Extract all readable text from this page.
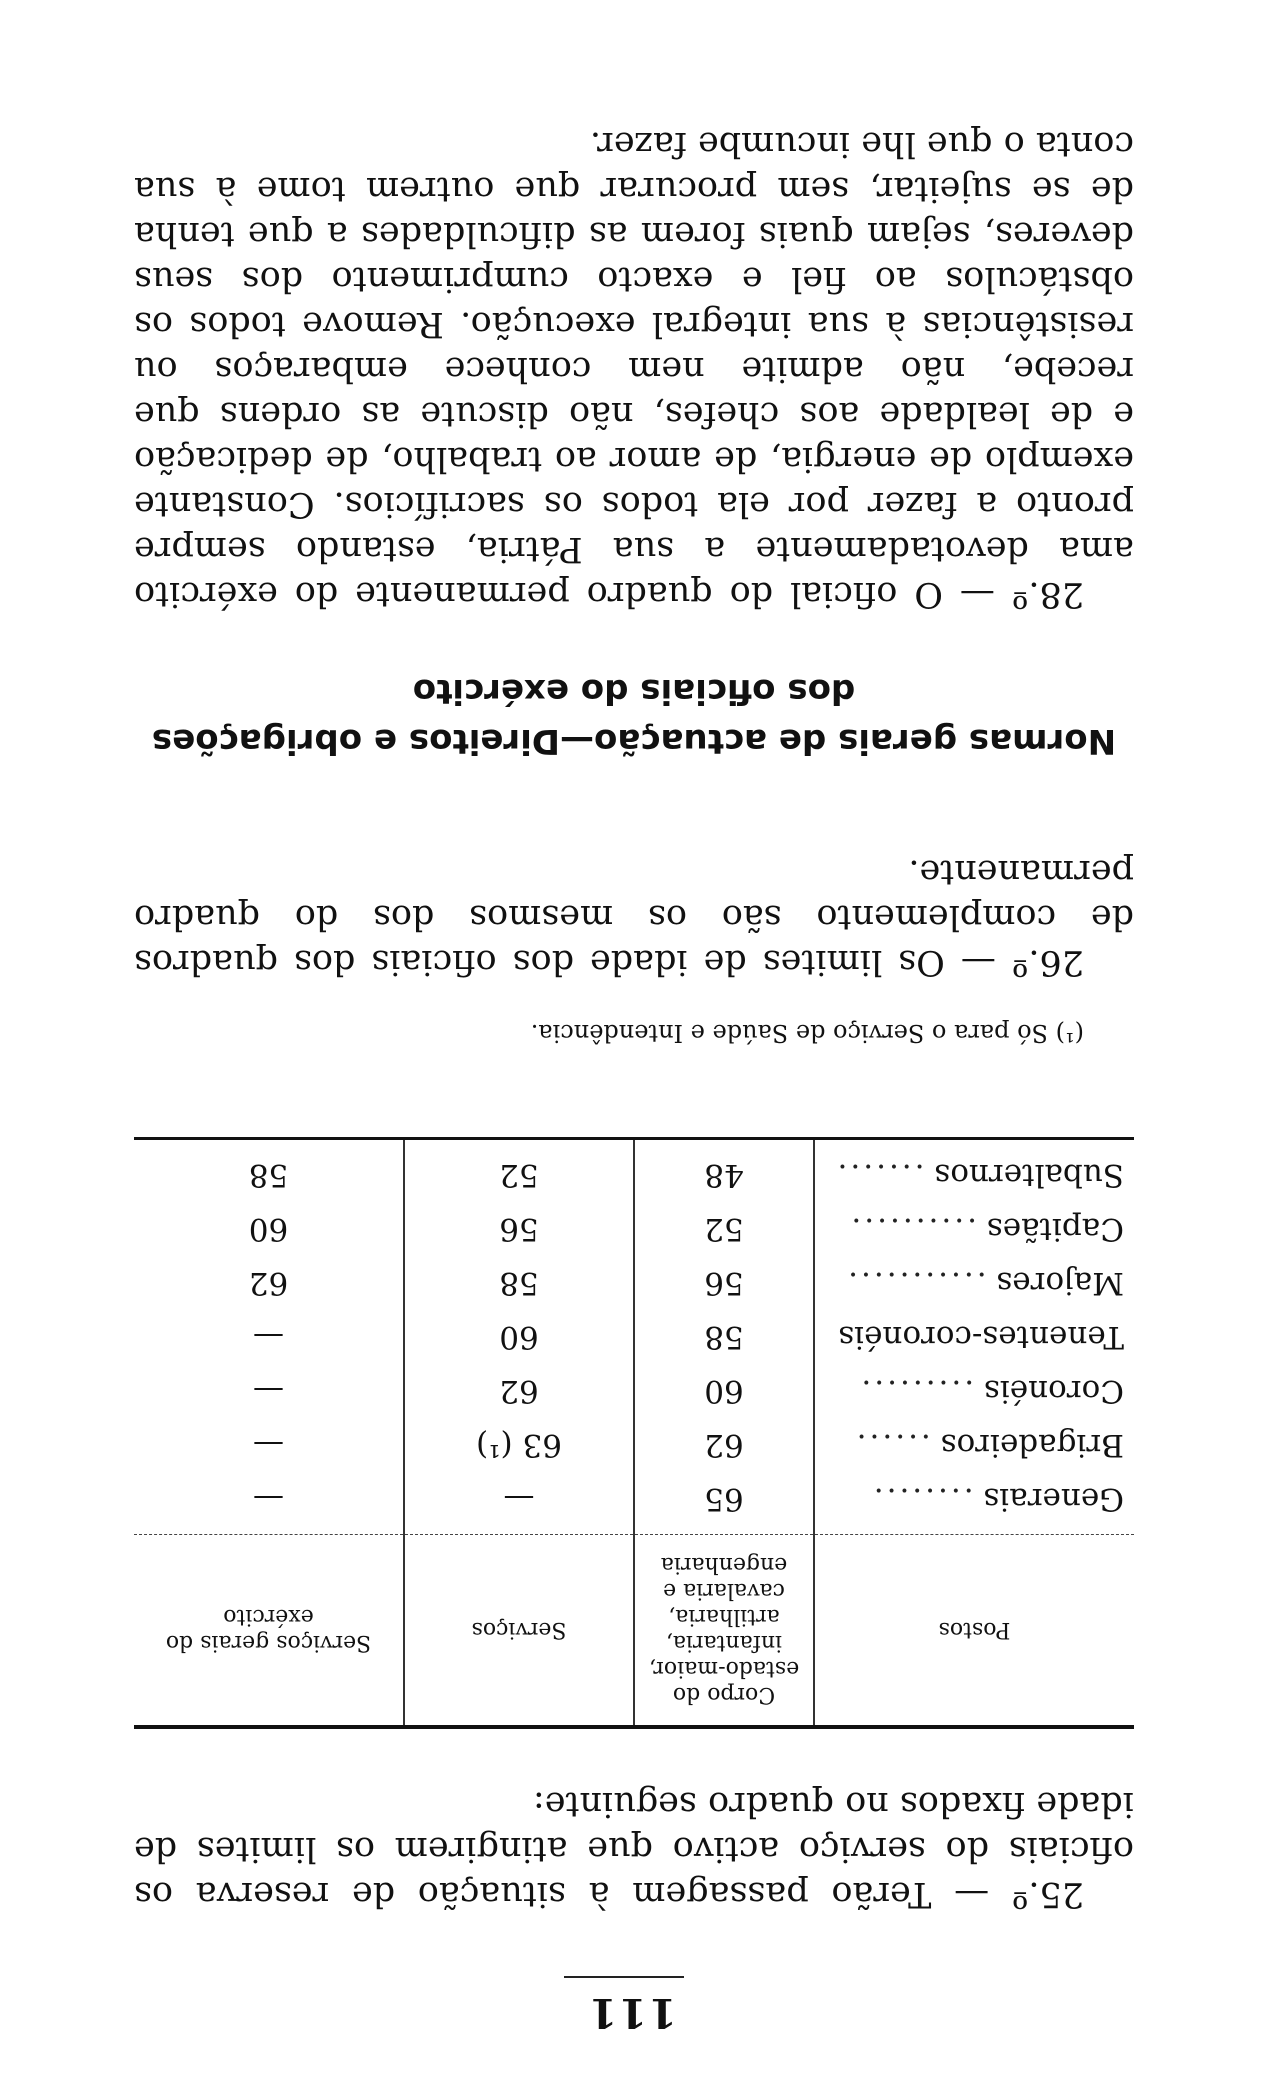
111

25.º — Terão passagem à situação de reserva os oficiais do serviço activo que atingirem os limites de idade fixados no quadro seguinte:

Postos	Corpo do estado-maior, infantaria, artilharia, cavalaria e engenharia	Serviços	Serviços gerais do exército
Generais ........	65	—	—
Brigadeiros ......	62	63 (¹)	—
Coronéis .........	60	62	—
Tenentes-coronéis	58	60	—
Majores ...........	56	58	62
Capitães ..........	52	56	60
Subalternos .......	48	52	58

(¹) Só para o Serviço de Saúde e Intendência.

26.º — Os limites de idade dos oficiais dos quadros de complemento são os mesmos dos do quadro permanente.

Normas gerais de actuação—Direitos e obrigações
dos oficiais do exército

28.º — O oficial do quadro permanente do exército ama devotadamente a sua Pátria, estando sempre pronto a fazer por ela todos os sacrifícios. Constante exemplo de energia, de amor ao trabalho, de dedicação e de lealdade aos chefes, não discute as ordens que recebe, não admite nem conhece embaraços ou resistências à sua integral execução. Remove todos os obstáculos ao fiel e exacto cumprimento dos seus deveres, sejam quais forem as dificuldades a que tenha de se sujeitar, sem procurar que outrem tome à sua conta o que lhe incumbe fazer.
